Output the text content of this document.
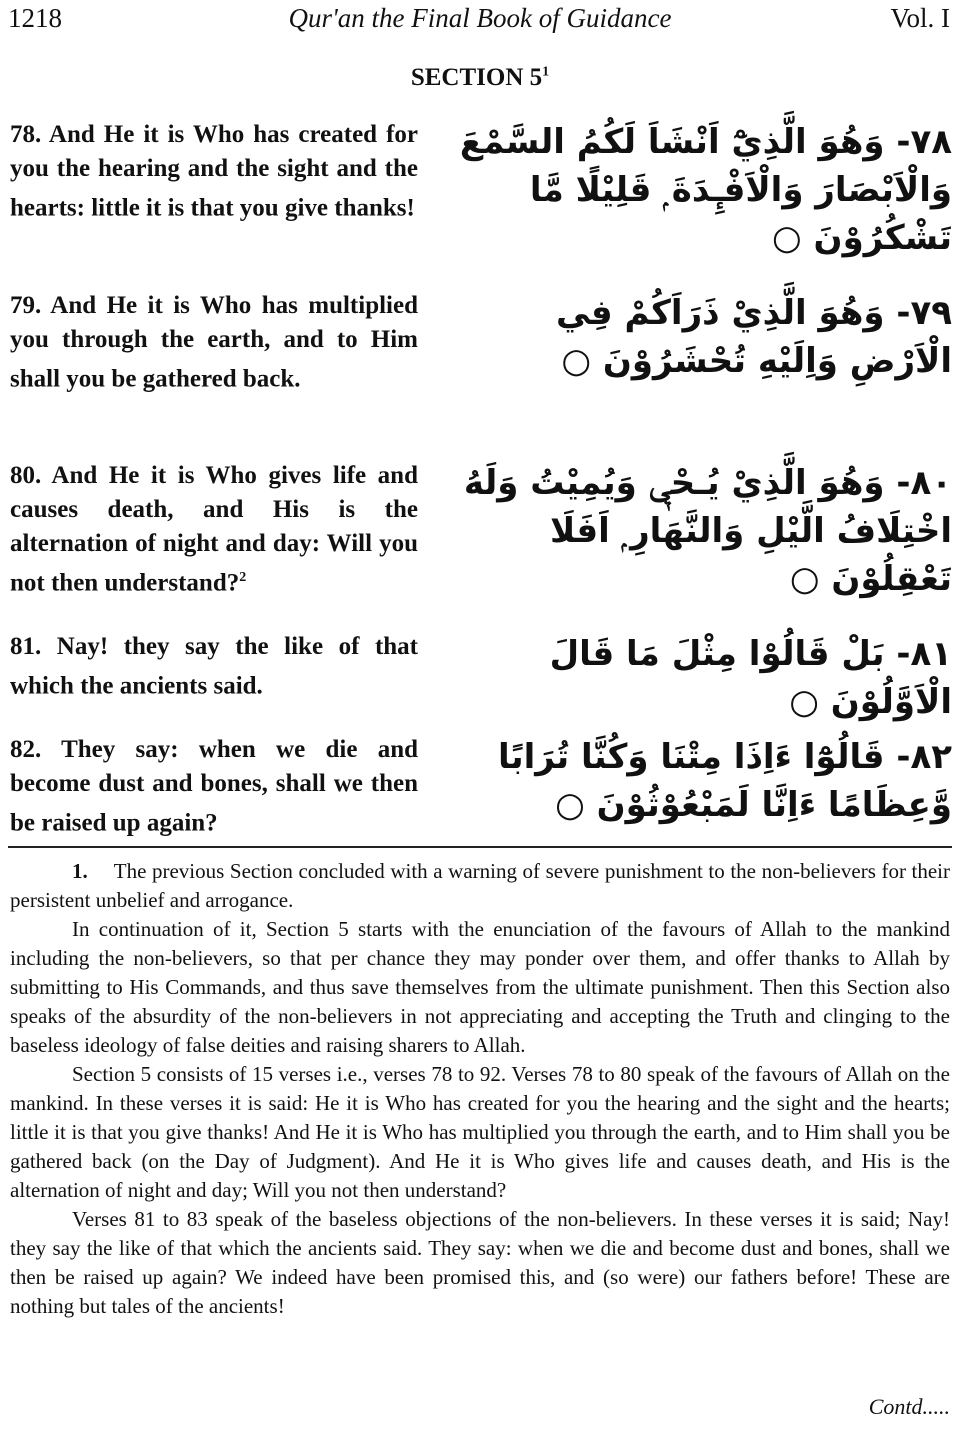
1218	Qur'an the Final Book of Guidance	Vol. I
SECTION $5^1$
78. And He it is Who has created for you the hearing and the sight and the hearts: little it is that you give thanks!
٧٨- وَهُوَ الَّذِيْٓ اَنْشَاَ لَكُمُ السَّمْعَ وَالْاَبْصَارَ وَالْاَفْـِٕدَةَ ۭ قَلِيْلًا مَّا تَشْكُرُوْنَ ○
79. And He it is Who has multiplied you through the earth, and to Him shall you be gathered back.
٧٩- وَهُوَ الَّذِيْ ذَرَاَكُمْ فِي الْاَرْضِ وَاِلَيْهِ تُحْشَرُوْنَ ○
80. And He it is Who gives life and causes death, and His is the alternation of night and day: Will you not then understand?$^2$
٨٠- وَهُوَ الَّذِيْ يُـحْيٖ وَيُمِيْتُ وَلَهُ اخْتِلَافُ الَّيْلِ وَالنَّهَارِ ۭ اَفَلَا تَعْقِلُوْنَ ○
81. Nay! they say the like of that which the ancients said.
٨١- بَلْ قَالُوْا مِثْلَ مَا قَالَ الْاَوَّلُوْنَ ○
82. They say: when we die and become dust and bones, shall we then be raised up again?
٨٢- قَالُوْٓا ءَاِذَا مِتْنَا وَكُنَّا تُرَابًا وَّعِظَامًا ءَاِنَّا لَمَبْعُوْثُوْنَ ○

1. The previous Section concluded with a warning of severe punishment to the non-believers for their persistent unbelief and arrogance.

In continuation of it, Section 5 starts with the enunciation of the favours of Allah to the mankind including the non-believers, so that per chance they may ponder over them, and offer thanks to Allah by submitting to His Commands, and thus save themselves from the ultimate punishment. Then this Section also speaks of the absurdity of the non-believers in not appreciating and accepting the Truth and clinging to the baseless ideology of false deities and raising sharers to Allah.

Section 5 consists of 15 verses i.e., verses 78 to 92. Verses 78 to 80 speak of the favours of Allah on the mankind. In these verses it is said: He it is Who has created for you the hearing and the sight and the hearts; little it is that you give thanks! And He it is Who has multiplied you through the earth, and to Him shall you be gathered back (on the Day of Judgment). And He it is Who gives life and causes death, and His is the alternation of night and day; Will you not then understand?

Verses 81 to 83 speak of the baseless objections of the non-believers. In these verses it is said; Nay! they say the like of that which the ancients said. They say: when we die and become dust and bones, shall we then be raised up again? We indeed have been promised this, and (so were) our fathers before! These are nothing but tales of the ancients!

Contd.....
